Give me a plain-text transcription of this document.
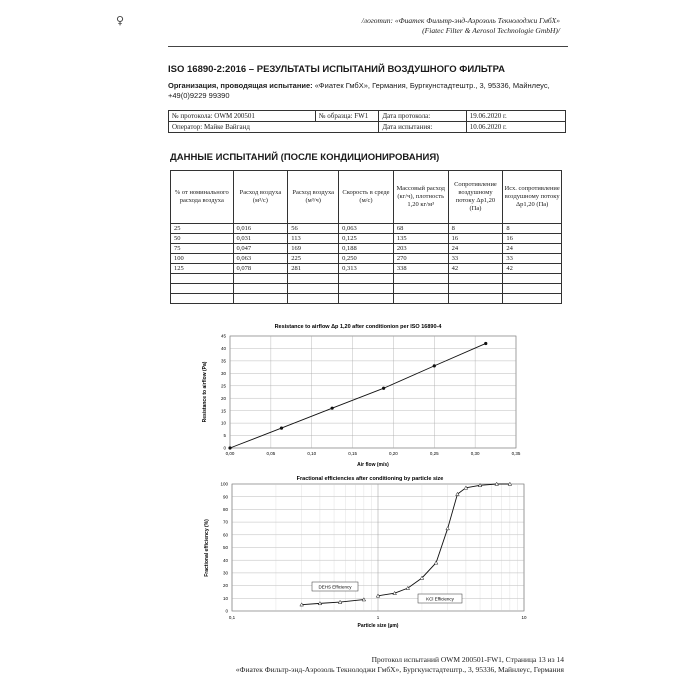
♀	/логотип: «Фиатек Фильтр-энд-Аэрозоль Текнолоджи ГмбХ»
(Fiatec Filter & Aerosol Technologie GmbH)/
ISO 16890-2:2016 – РЕЗУЛЬТАТЫ ИСПЫТАНИЙ ВОЗДУШНОГО ФИЛЬТРА
Организация, проводящая испытание: «Фиатек ГмбХ», Германия, Бургкунстадтештр., 3, 95336, Майнлеус,
+49(0)9229 99390
№ протокола: OWM 200501	№ образца: FW1	Дата протокола:	19.06.2020 г.
Оператор: Майке Вайганд		Дата испытания:	10.06.2020 г.
ДАННЫЕ ИСПЫТАНИЙ (ПОСЛЕ КОНДИЦИОНИРОВАНИЯ)
% от номинального расхода воздуха	Расход воздуха (м³/с)	Расход воздуха (м³/ч)	Скорость в среде (м/с)	Массовый расход (кг/ч), плотность 1,20 кг/м³	Сопротивление воздушному потоку Δp1,20 (Па)	Исх. сопротивление воздушному потоку Δp1,20 (Па)
25	0,016	56	0,063	68	8	8
50	0,031	113	0,125	135	16	16
75	0,047	169	0,188	203	24	24
100	0,063	225	0,250	270	33	33
125	0,078	281	0,313	338	42	42

Resistance to airflow Δp 1,20 after conditionion per ISO 16890-4
0
5
10
15
20
25
30
35
40
45
0,00	0,05	0,10	0,15	0,20	0,25	0,30	0,35
Air flow (m/s)
Resistance to airflow (Pa)
Fractional efficiencies after conditioning by particle size
0
10
20
30
40
50
60
70
80
90
100
0,1	1	10
DEHS Efficiency
KCl Efficiency
Particle size (µm)
Fractional efficiency (%)
Протокол испытаний OWM 200501-FW1, Страница 13 из 14
«Фиатек Фильтр-энд-Аэрозоль Текнолоджи ГмбХ», Бургкунстадтештр., 3, 95336, Майнлеус, Германия
